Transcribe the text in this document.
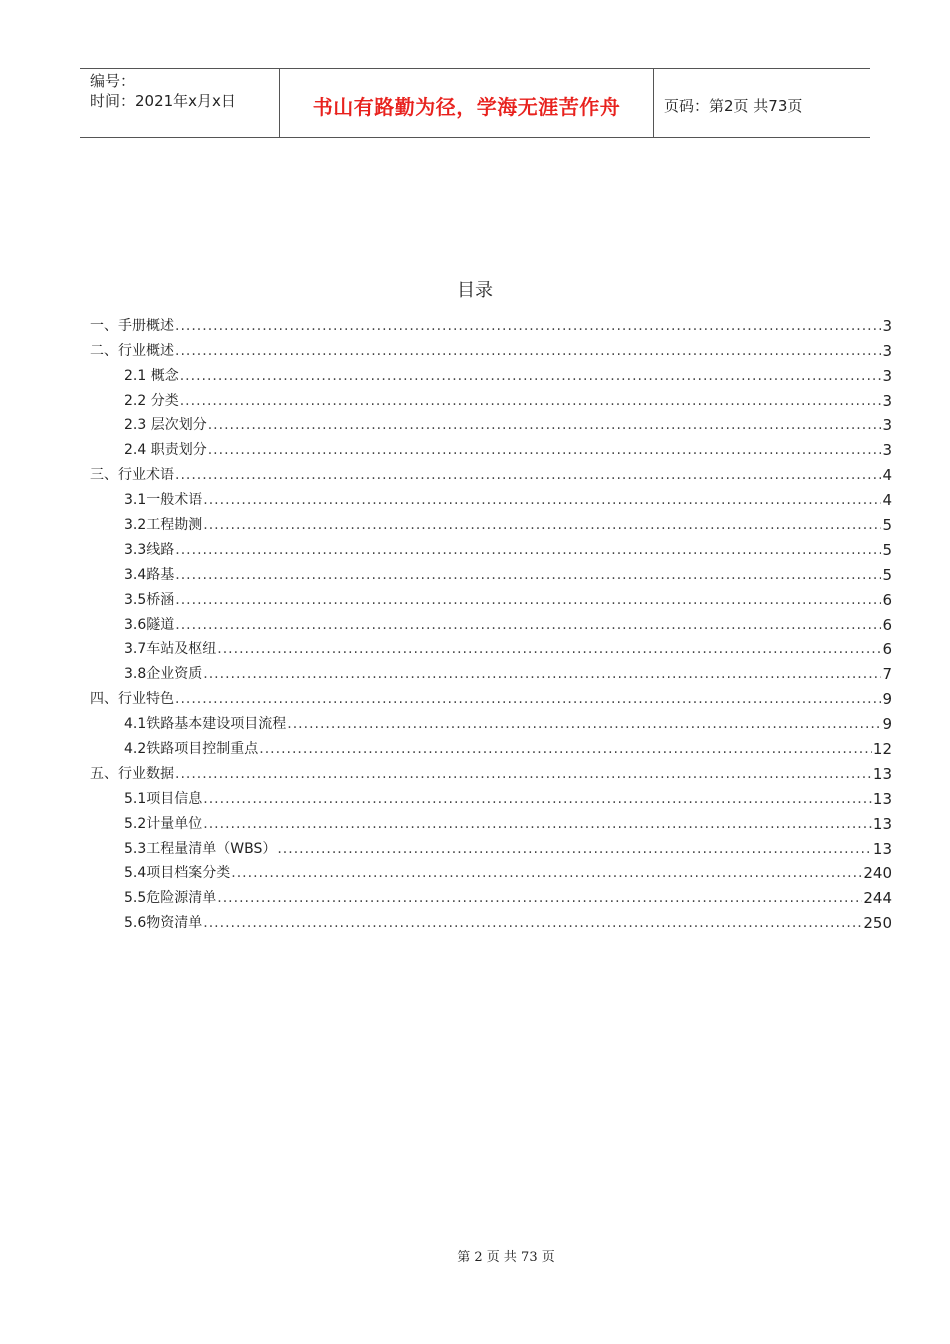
编号：
时间：2021年x月x日	书山有路勤为径，学海无涯苦作舟	页码：第2页 共73页
目录
一、手册概述 .....	3
二、行业概述 .....	3
2.1 概念 .....	3
2.2 分类 .....	3
2.3 层次划分 .....	3
2.4 职责划分 .....	3
三、行业术语 .....	4
3.1一般术语 .....	4
3.2工程勘测 .....	5
3.3线路 .....	5
3.4路基 .....	5
3.5桥涵 .....	6
3.6隧道 .....	6
3.7车站及枢纽 .....	6
3.8企业资质 .....	7
四、行业特色 .....	9
4.1铁路基本建设项目流程 .....	9
4.2铁路项目控制重点 .....	12
五、行业数据 .....	13
5.1项目信息 .....	13
5.2计量单位 .....	13
5.3工程量清单（WBS） .....	13
5.4项目档案分类 .....	240
5.5危险源清单 .....	244
5.6物资清单 .....	250
第 2 页 共 73 页
